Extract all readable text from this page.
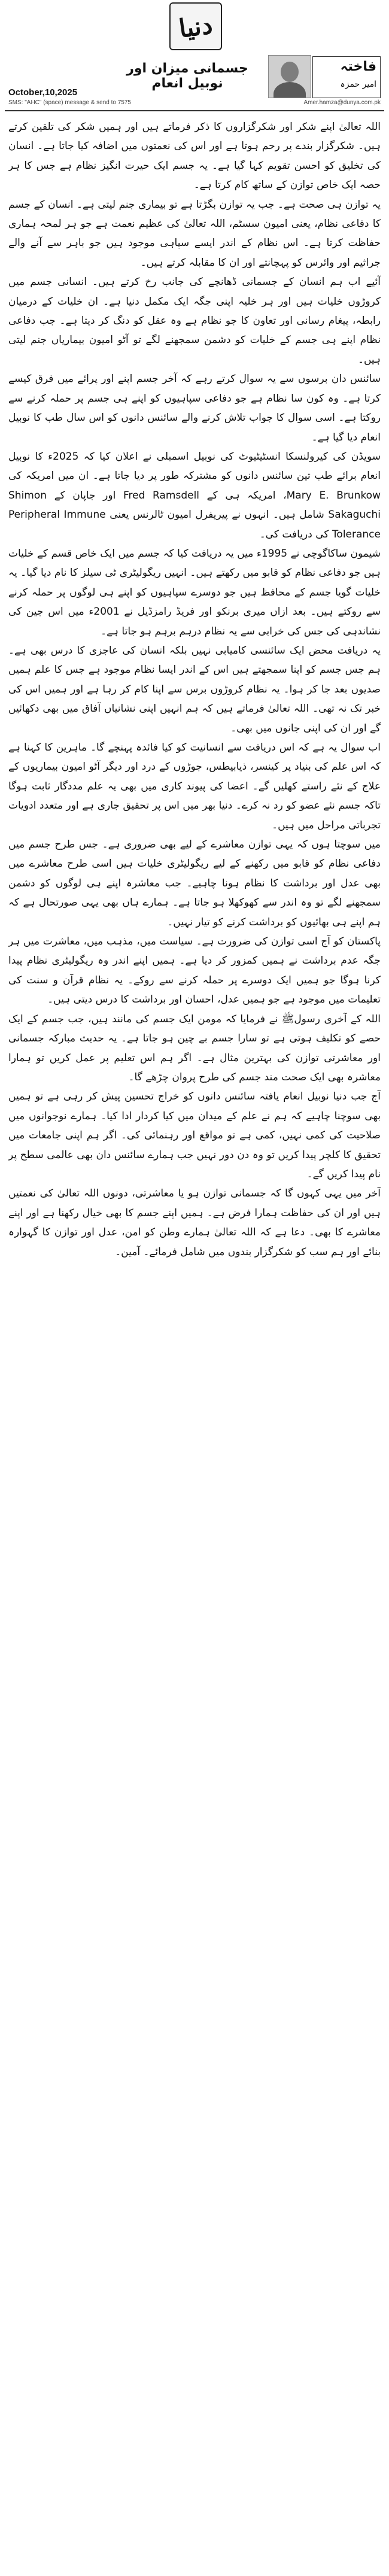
دنیا
جسمانی میزان اور نوبیل انعام
فاختہ
امیر حمزہ
October,10,2025
SMS: "AHC" (space) message & send to 7575	Amer.hamza@dunya.com.pk

اللہ تعالیٰ اپنے شکر اور شکرگزاروں کا ذکر فرماتے ہیں اور ہمیں شکر کی تلقین کرتے ہیں۔ شکرگزار بندے پر رحم ہوتا ہے اور اس کی نعمتوں میں اضافہ کیا جاتا ہے۔ انسان کی تخلیق کو احسن تقویم کہا گیا ہے۔ یہ جسم ایک حیرت انگیز نظام ہے جس کا ہر حصہ ایک خاص توازن کے ساتھ کام کرتا ہے۔

یہ توازن ہی صحت ہے۔ جب یہ توازن بگڑتا ہے تو بیماری جنم لیتی ہے۔ انسان کے جسم کا دفاعی نظام، یعنی امیون سسٹم، اللہ تعالیٰ کی عظیم نعمت ہے جو ہر لمحہ ہماری حفاظت کرتا ہے۔ اس نظام کے اندر ایسے سپاہی موجود ہیں جو باہر سے آنے والے جراثیم اور وائرس کو پہچانتے اور ان کا مقابلہ کرتے ہیں۔

آئیے اب ہم انسان کے جسمانی ڈھانچے کی جانب رخ کرتے ہیں۔ انسانی جسم میں کروڑوں خلیات ہیں اور ہر خلیہ اپنی جگہ ایک مکمل دنیا ہے۔ ان خلیات کے درمیان رابطہ، پیغام رسانی اور تعاون کا جو نظام ہے وہ عقل کو دنگ کر دیتا ہے۔ جب دفاعی نظام اپنے ہی جسم کے خلیات کو دشمن سمجھنے لگے تو آٹو امیون بیماریاں جنم لیتی ہیں۔

سائنس دان برسوں سے یہ سوال کرتے رہے کہ آخر جسم اپنے اور پرائے میں فرق کیسے کرتا ہے۔ وہ کون سا نظام ہے جو دفاعی سپاہیوں کو اپنے ہی جسم پر حملہ کرنے سے روکتا ہے۔ اسی سوال کا جواب تلاش کرنے والے سائنس دانوں کو اس سال طب کا نوبیل انعام دیا گیا ہے۔

سویڈن کی کیرولنسکا انسٹیٹیوٹ کی نوبیل اسمبلی نے اعلان کیا کہ 2025ء کا نوبیل انعام برائے طب تین سائنس دانوں کو مشترکہ طور پر دیا جاتا ہے۔ ان میں امریکہ کی Mary E. Brunkow، امریکہ ہی کے Fred Ramsdell اور جاپان کے Shimon Sakaguchi شامل ہیں۔ انہوں نے پیریفرل امیون ٹالرنس یعنی Peripheral Immune Tolerance کی دریافت کی۔

شیمون ساکاگوچی نے 1995ء میں یہ دریافت کیا کہ جسم میں ایک خاص قسم کے خلیات ہیں جو دفاعی نظام کو قابو میں رکھتے ہیں۔ انہیں ریگولیٹری ٹی سیلز کا نام دیا گیا۔ یہ خلیات گویا جسم کے محافظ ہیں جو دوسرے سپاہیوں کو اپنے ہی لوگوں پر حملہ کرنے سے روکتے ہیں۔ بعد ازاں میری برنکو اور فریڈ رامزڈیل نے 2001ء میں اس جین کی نشاندہی کی جس کی خرابی سے یہ نظام درہم برہم ہو جاتا ہے۔

یہ دریافت محض ایک سائنسی کامیابی نہیں بلکہ انسان کی عاجزی کا درس بھی ہے۔ ہم جس جسم کو اپنا سمجھتے ہیں اس کے اندر ایسا نظام موجود ہے جس کا علم ہمیں صدیوں بعد جا کر ہوا۔ یہ نظام کروڑوں برس سے اپنا کام کر رہا ہے اور ہمیں اس کی خبر تک نہ تھی۔ اللہ تعالیٰ فرماتے ہیں کہ ہم انہیں اپنی نشانیاں آفاق میں بھی دکھائیں گے اور ان کی اپنی جانوں میں بھی۔

اب سوال یہ ہے کہ اس دریافت سے انسانیت کو کیا فائدہ پہنچے گا۔ ماہرین کا کہنا ہے کہ اس علم کی بنیاد پر کینسر، ذیابیطس، جوڑوں کے درد اور دیگر آٹو امیون بیماریوں کے علاج کے نئے راستے کھلیں گے۔ اعضا کی پیوند کاری میں بھی یہ علم مددگار ثابت ہوگا تاکہ جسم نئے عضو کو رد نہ کرے۔ دنیا بھر میں اس پر تحقیق جاری ہے اور متعدد ادویات تجرباتی مراحل میں ہیں۔

میں سوچتا ہوں کہ یہی توازن معاشرے کے لیے بھی ضروری ہے۔ جس طرح جسم میں دفاعی نظام کو قابو میں رکھنے کے لیے ریگولیٹری خلیات ہیں اسی طرح معاشرے میں بھی عدل اور برداشت کا نظام ہونا چاہیے۔ جب معاشرہ اپنے ہی لوگوں کو دشمن سمجھنے لگے تو وہ اندر سے کھوکھلا ہو جاتا ہے۔ ہمارے ہاں بھی یہی صورتحال ہے کہ ہم اپنے ہی بھائیوں کو برداشت کرنے کو تیار نہیں۔

پاکستان کو آج اسی توازن کی ضرورت ہے۔ سیاست میں، مذہب میں، معاشرت میں ہر جگہ عدم برداشت نے ہمیں کمزور کر دیا ہے۔ ہمیں اپنے اندر وہ ریگولیٹری نظام پیدا کرنا ہوگا جو ہمیں ایک دوسرے پر حملہ کرنے سے روکے۔ یہ نظام قرآن و سنت کی تعلیمات میں موجود ہے جو ہمیں عدل، احسان اور برداشت کا درس دیتی ہیں۔

اللہ کے آخری رسولﷺ نے فرمایا کہ مومن ایک جسم کی مانند ہیں، جب جسم کے ایک حصے کو تکلیف ہوتی ہے تو سارا جسم بے چین ہو جاتا ہے۔ یہ حدیث مبارکہ جسمانی اور معاشرتی توازن کی بہترین مثال ہے۔ اگر ہم اس تعلیم پر عمل کریں تو ہمارا معاشرہ بھی ایک صحت مند جسم کی طرح پروان چڑھے گا۔

آج جب دنیا نوبیل انعام یافتہ سائنس دانوں کو خراج تحسین پیش کر رہی ہے تو ہمیں بھی سوچنا چاہیے کہ ہم نے علم کے میدان میں کیا کردار ادا کیا۔ ہمارے نوجوانوں میں صلاحیت کی کمی نہیں، کمی ہے تو مواقع اور رہنمائی کی۔ اگر ہم اپنی جامعات میں تحقیق کا کلچر پیدا کریں تو وہ دن دور نہیں جب ہمارے سائنس دان بھی عالمی سطح پر نام پیدا کریں گے۔

آخر میں یہی کہوں گا کہ جسمانی توازن ہو یا معاشرتی، دونوں اللہ تعالیٰ کی نعمتیں ہیں اور ان کی حفاظت ہمارا فرض ہے۔ ہمیں اپنے جسم کا بھی خیال رکھنا ہے اور اپنے معاشرے کا بھی۔ دعا ہے کہ اللہ تعالیٰ ہمارے وطن کو امن، عدل اور توازن کا گہوارہ بنائے اور ہم سب کو شکرگزار بندوں میں شامل فرمائے۔ آمین۔
